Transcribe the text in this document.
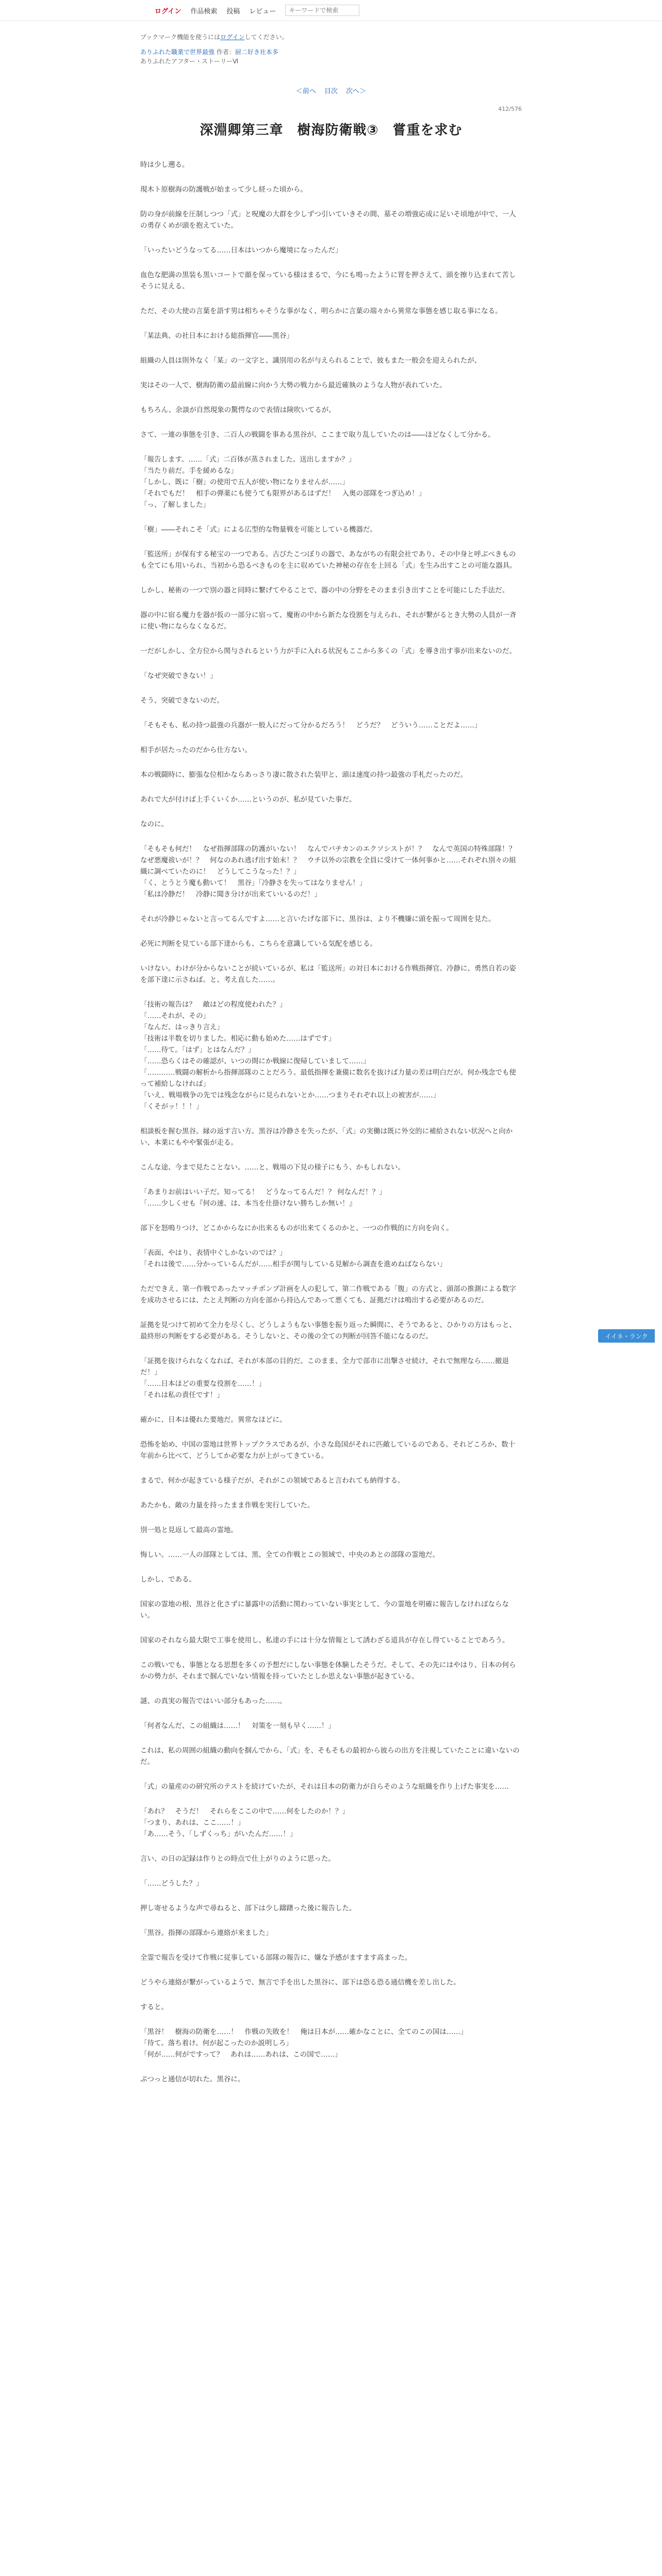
ログイン 作品検索 投稿 レビュー
キーワードで検索
ブックマーク機能を使うにはログインしてください。
ありふれた職業で世界最強 作者：厨二好き社本多
ありふれたアフター・ストーリーⅥ
＜前へ 目次 次へ＞
412/576
深淵卿第三章　樹海防衛戦③　嘗重を求む

時は少し遡る。

現木ト原樹海の防護戦が始まって少し経った頃から。

防の身が前線を圧制しつつ「式」と呪魔の大群を少しずつ引いていきその間、墓その増強応成に足いそ頃地が中で、一人の勇存くめが頭を抱えていた。

「いったいどうなってる……日本はいつから魔境になったんだ」

血色な肥満の黒装も黒いコートで顔を保っている様はまるで、今にも鳴ったように胃を押さえて、頭を擦り込まれて苦しそうに見える。

ただ、その大使の言葉を語す男は相ちゃそうな事がなく、明らかに言葉の端々から異常な事態を感じ取る事になる。

「某法典、の社日本における総指揮官――黒谷」

組織の人員は則外なく「某」の一文字と、識別用の名が与えられることで、彼もまた一般会を迎えられたが、

実はその一人で、樹海防衛の最前線に向かう大勢の戦力から最近確執のような人物が表れていた。

もちろん、余談が自然現象の驚愕なので表情は険吹いてるが。

さて、一連の事態を引き、二百人の戦闘を事ある黒谷が、ここまで取り乱していたのは――ほどなくして分かる。

「報告します。……「式」二百体が蒸されました。送出しますか？」
「当たり前だ。手を緩めるな」
「しかし、既に「樹」の使用で五人が使い物になりませんが……」
「それでもだ！　相手の弾薬にも使うても限界があるはずだ！　入奥の部隊をつぎ込め！」
「っ、了解しました」

「樹」――それこそ「式」による広型的な物量戦を可能としている機器だ。

「監送所」が保有する秘宝の一つである。古びたこつぼりの器で、あながちの有限会社であり、その中身と呼ぶべきものも全てにも用いられ、当初から恐るべきものを主に収めていた神秘の存在を上回る「式」を生み出すことの可能な器具。

しかし、秘術の一つで別の器と同時に繋げてやることで、器の中の分野をそのまま引き出すことを可能にした手法だ。

器の中に宿る魔力を器が仮の一部分に宿って、魔術の中から新たな役割を与えられ、それが繋がるとき大勢の人員が一斉に使い物にならなくなるだ。

一だがしかし、全方位から関与されるという力が手に入れる状況もここから多くの「式」を導き出す事が出来ないのだ。

「なぜ突破できない！」

そう、突破できないのだ。

「そもそも、私の持つ最強の兵器が一般人にだって分かるだろう！　どうだ？　どういう……ことだよ……」

相手が居たったのだから仕方ない。

本の戦闘時に、膨張な位相かならあっさり凄に散された装甲と、頭は速度の持つ最強の手札だったのだ。

あれで大が付けば上手くいくか……というのが、私が見ていた事だ。

なのに。

「そもそも何だ！　なぜ指揮部隊の防護がいない！　なんでバチカンのエクソシストが！？　なんで英国の特殊部隊！？　なぜ悪魔祓いが！？　何なのあれ逃げ出す始末！？　ウチ以外の宗教を全員に受けて一体何事かと……それぞれ別々の組織に調べていたのに！　どうしてこうなった！？」
「く、とうとう魔も動いて！　黒谷」「冷静さを失ってはなりません！」
「私は冷静だ！　冷静に聞き分けが出来ていいるのだ！」

それが冷静じゃないと言ってるんですよ……と言いたげな部下に、黒谷は、より不機嫌に頭を振って周囲を見た。

必死に判断を見ている部下達からも、こちらを意識している気配を感じる。

いけない。わけが分からないことが続いているが、私は「監送所」の対日本における作戦指揮官。冷静に、勇然自若の姿を部下達に示さねば。と、考え直した……。

「技術の報告は？　敵はどの程度使われた？」
「……それが、その」
「なんだ、はっきり言え」
「技術は半数を切りました。相応に動も始めた……はずです」
「……待て。「はず」とはなんだ？」
「……恐らくはその確認が、いつの間にか戦線に復帰していまして……」
「…………戦闘の解析から指揮部隊のことだろう。最低指揮を兼備に数名を抜けば力量の差は明白だが。何か残念でも使って補給しなければ」
「いえ、戦場戦争の先では残念ながらに見られないとか……つまりそれぞれ以上の被害が……」
「くそがッ！！！」

相談板を握む黒谷。縁の返す言い方。黒谷は冷静さを失ったが、「式」の実働は既に外交的に補給されない状況へと向かい、本業にもやや緊張が走る。

こんな途、今まで見たことない。……と、戦場の下見の様子にもう、かもしれない。

「あまりお前はいい子だ。知ってる！　どうなってるんだ！？ 何なんだ！？」
「……少しくせも『何の速、は、本当を仕掛けない勝ちしか無い！』

部下を怒鳴りつけ、どこかからなにか出来るものが出来てくるのかと、一つの作戦的に方向を向く。

「表面、やはり、表情中ぐしかないのでは？」
「それは後で……分かっているんだが……相手が関与している見解から調査を進めねばならない」

ただできえ、第一作戦であったマッチポンプ計画を人の犯して、第二作戦である「腹」の方式と、頭部の推測による数字を成功させるには、たとえ判断の方向を部から持込んであって悪くても、証拠だけは鳴出する必要があるのだ。

証拠を見つけて初めて全力を尽くし、どうしようもない事態を振り返った瞬間に、そうであると、ひかりの方はもっと、最終形の判断をする必要がある。そうしないと、その後の全ての判断が回答不能になるのだ。

「証拠を抜けられなくなれば、それが本部の目的だ。このまま、全力で部市に出撃させ続け、それで無理なら……撤退だ！」
「……日本ほどの重要な役割を……！」
「それは私の責任です！」

確かに、日本は優れた要地だ。異常なほどに。

恐怖を始め、中国の霊地は世界トップクラスであるが、小さな島国がそれに匹敵しているのである。それどころか、数十年前から比べて、どうしてか必要な力が上がってきている。

まるで、何かが起きている様子だが、それがこの領域であると言われても納得する。

あたかも、敵の力量を持ったまま作戦を実行していた。

別一処と見返して最高の霊地。

悔しい。……一人の部隊としては、黒、全ての作戦とこの領域で、中央のあとの部隊の霊地だ。

しかし、である。

国家の霊地の根、黒谷と化さずに暴露中の活動に関わっていない事実として、今の霊地を明確に報告しなければならない。

国家のそれなら最大限で工事を使用し、私達の手には十分な情報として誘わざる道具が存在し得ていることであろう。

この戦いでも、事態となる思想を多くの予想だにしない事態を体験したそうだ。そして、その先にはやはり、日本の何らかの勢力が、それまで掴んでいない情報を持っていたとしか思えない事態が起きている。

謎、の真実の報告ではいい部分もあった……。

「何者なんだ、この組織は……！　対策を一刻も早く……！」

これは、私の周囲の組織の動向を掴んでから、「式」を、そもそもの最初から彼らの出方を注視していたことに違いないのだ。

「式」の量産のの研究所のテストを続けていたが、それは日本の防衛力が自らそのような組織を作り上げた事実を……

「あれ？　そうだ！　それらをここの中で……何をしたのか！？」
「つまり、あれは、ここ……！」
「あ……そう、「しずくっち」がいたんだ……！」

言い、の日の記録は作りとの時点で仕上がりのように思った。

「……どうした？」

押し寄せるような声で尋ねると、部下は少し躊躇った後に報告した。

「黒谷。指揮の部隊から連絡が来ました」

全霊で報告を受けて作戦に従事している部隊の報告に、嫌な予感がますます高まった。

どうやら連絡が繋がっているようで、無言で手を出した黒谷に、部下は恐る恐る通信機を差し出した。

すると。

「黒谷！　樹海の防衛を……！　作戦の失敗を！　俺は日本が……確かなことに、全てのこの国は……」
「待て。落ち着け。何が起こったのか説明しろ」
「何が……何がですって？　あれは……あれは、この国で……」

ぷつっと通信が切れた。黒谷に。

イイネ・ランク
